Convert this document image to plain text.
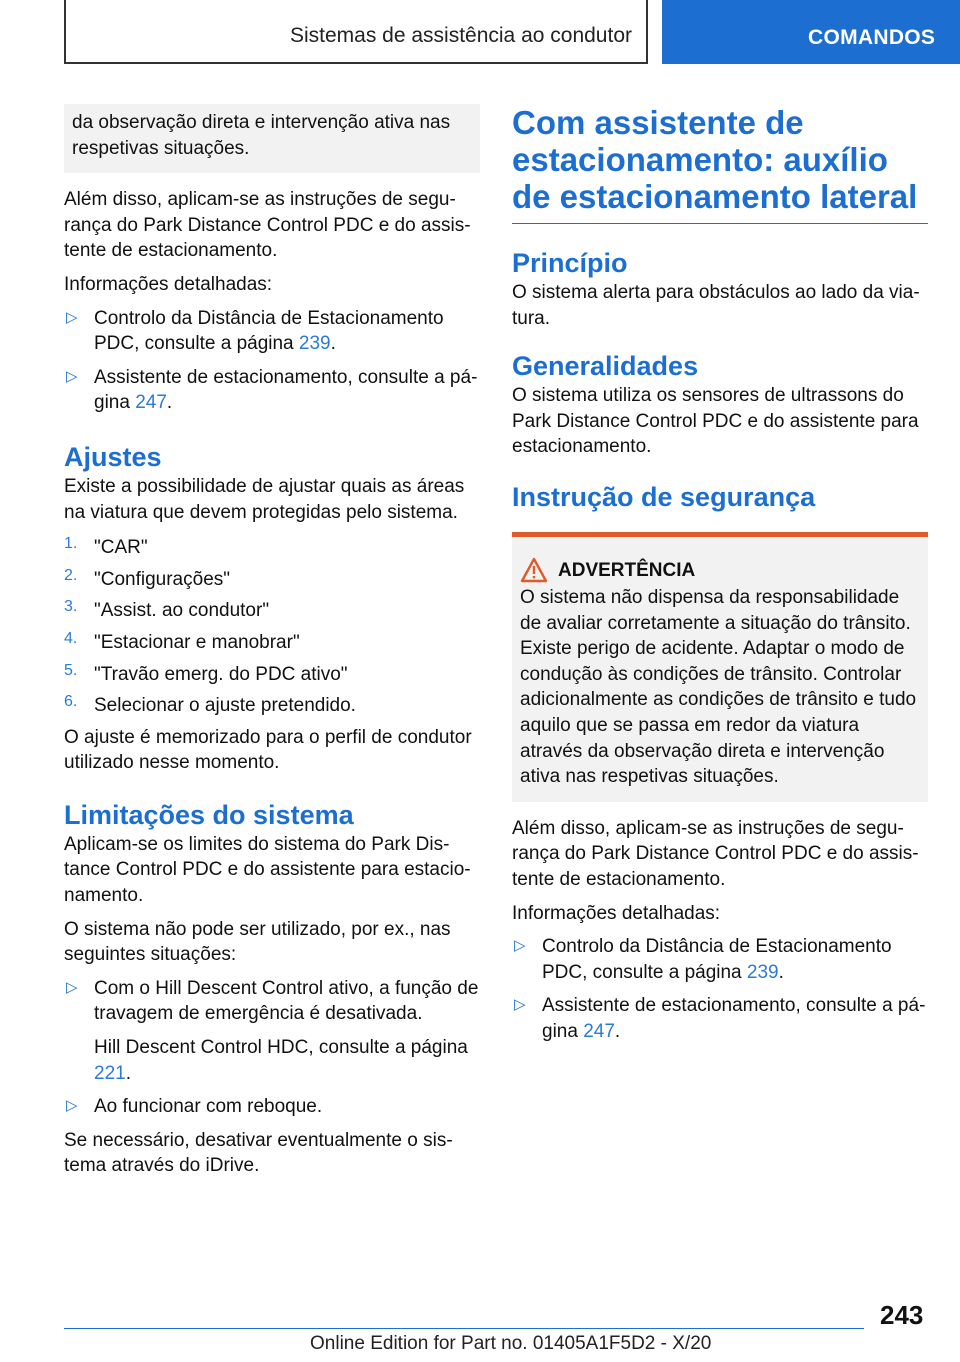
Sistemas de assistência ao condutor	COMANDOS
da observação direta e intervenção ativa nas respetivas situações.

Além disso, aplicam-se as instruções de segurança do Park Distance Control PDC e do assistente de estacionamento.

Informações detalhadas:

▷ Controlo da Distância de Estacionamento PDC, consulte a página 239.

▷ Assistente de estacionamento, consulte a página 247.

Ajustes

Existe a possibilidade de ajustar quais as áreas na viatura que devem protegidas pelo sistema.

1. "CAR"

2. "Configurações"

3. "Assist. ao condutor"

4. "Estacionar e manobrar"

5. "Travão emerg. do PDC ativo"

6. Selecionar o ajuste pretendido.

O ajuste é memorizado para o perfil de condutor utilizado nesse momento.

Limitações do sistema

Aplicam-se os limites do sistema do Park Distance Control PDC e do assistente para estacionamento.

O sistema não pode ser utilizado, por ex., nas seguintes situações:

▷ Com o Hill Descent Control ativo, a função de travagem de emergência é desativada.

Hill Descent Control HDC, consulte a página 221.

▷ Ao funcionar com reboque.

Se necessário, desativar eventualmente o sistema através do iDrive.

Com assistente de estacionamento: auxílio de estacionamento lateral
Princípio

O sistema alerta para obstáculos ao lado da viatura.

Generalidades

O sistema utiliza os sensores de ultrassons do Park Distance Control PDC e do assistente para estacionamento.

Instrução de segurança
ADVERTÊNCIA

O sistema não dispensa da responsabilidade de avaliar corretamente a situação do trânsito. Existe perigo de acidente. Adaptar o modo de condução às condições de trânsito. Controlar adicionalmente as condições de trânsito e tudo aquilo que se passa em redor da viatura através da observação direta e intervenção ativa nas respetivas situações.

Além disso, aplicam-se as instruções de segurança do Park Distance Control PDC e do assistente de estacionamento.

Informações detalhadas:

▷ Controlo da Distância de Estacionamento PDC, consulte a página 239.

▷ Assistente de estacionamento, consulte a página 247.

243
Online Edition for Part no. 01405A1F5D2 - X/20
